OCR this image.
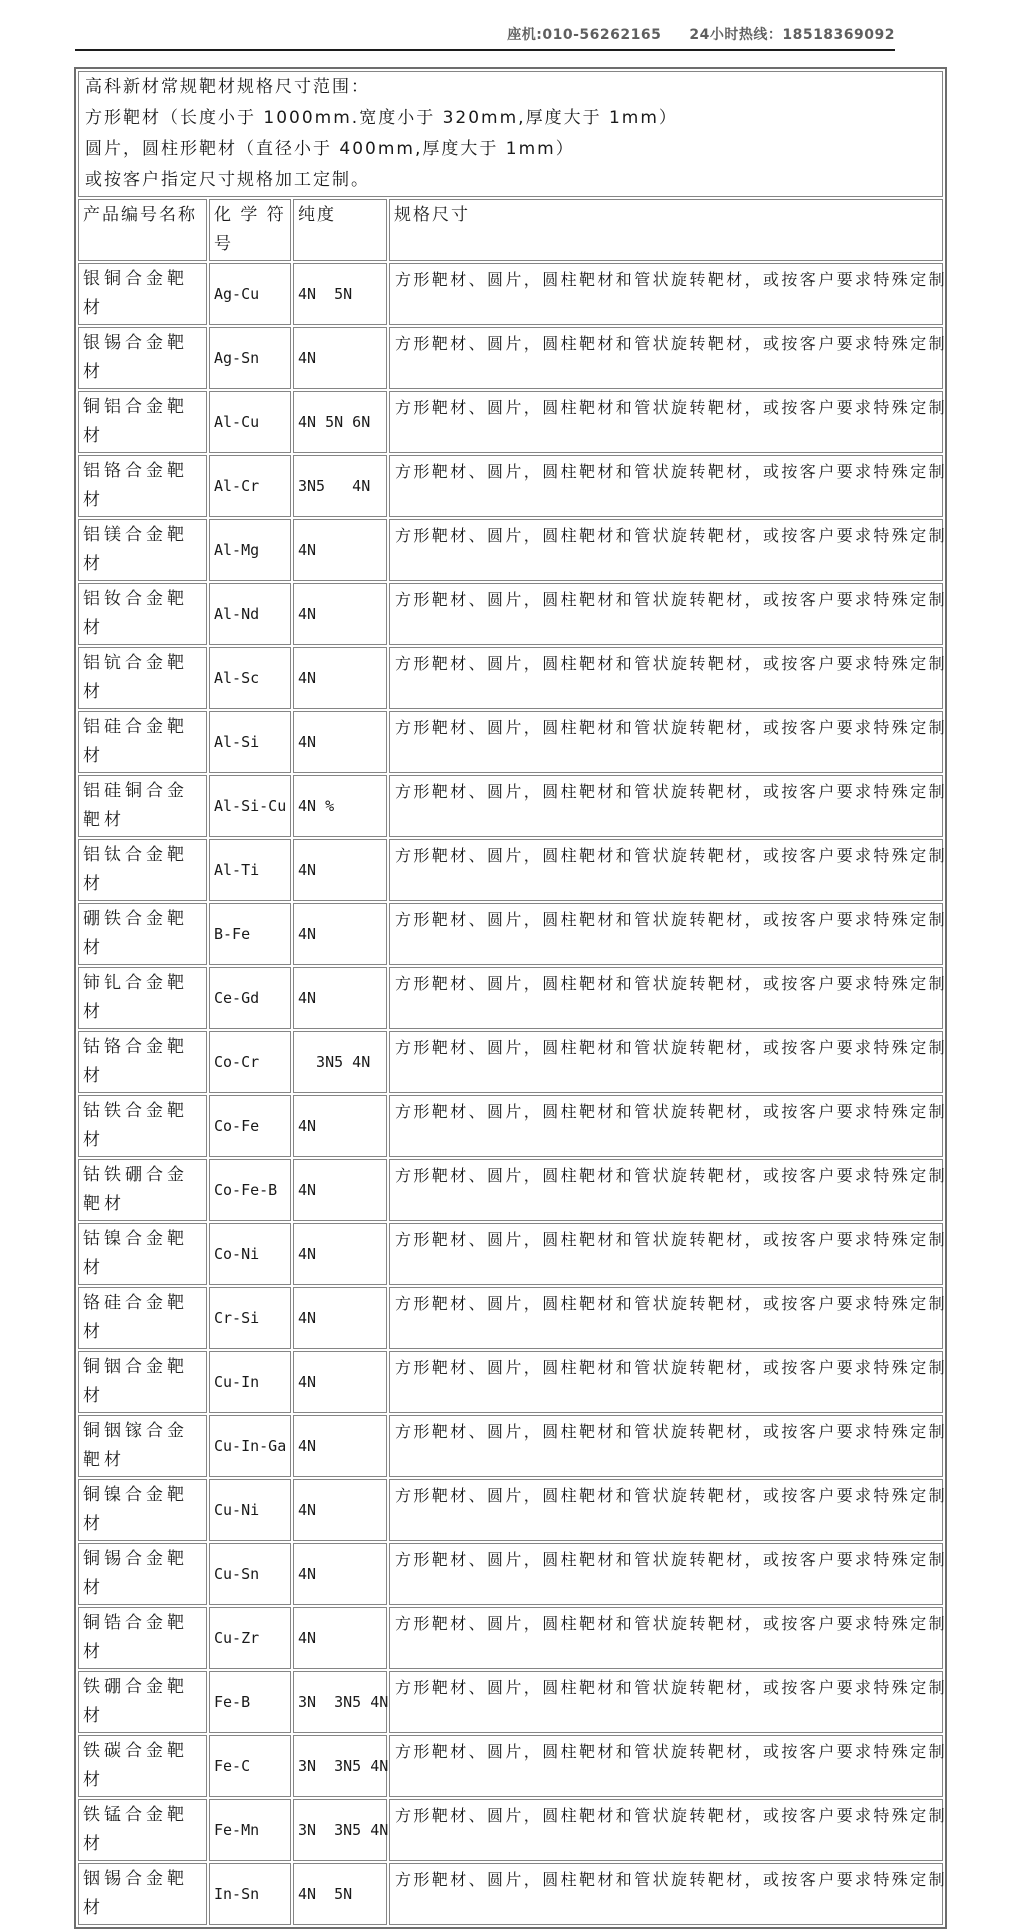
座机:010-56262165 24小时热线：18518369092
高科新材常规靶材规格尺寸范围：
方形靶材（长度小于 1000mm.宽度小于 320mm,厚度大于 1mm）
圆片，圆柱形靶材（直径小于 400mm,厚度大于 1mm）
或按客户指定尺寸规格加工定制。			

产品编号名称	化 学 符号	纯度	规格尺寸
银铜合金靶材	Ag-Cu	4N  5N	方形靶材、圆片，圆柱靶材和管状旋转靶材，或按客户要求特殊定制
银锡合金靶材	Ag-Sn	4N	方形靶材、圆片，圆柱靶材和管状旋转靶材，或按客户要求特殊定制
铜铝合金靶材	Al-Cu	4N 5N 6N	方形靶材、圆片，圆柱靶材和管状旋转靶材，或按客户要求特殊定制
铝铬合金靶材	Al-Cr	3N5   4N	方形靶材、圆片，圆柱靶材和管状旋转靶材，或按客户要求特殊定制
铝镁合金靶材	Al-Mg	4N	方形靶材、圆片，圆柱靶材和管状旋转靶材，或按客户要求特殊定制
铝钕合金靶材	Al-Nd	4N	方形靶材、圆片，圆柱靶材和管状旋转靶材，或按客户要求特殊定制
铝钪合金靶材	Al-Sc	4N	方形靶材、圆片，圆柱靶材和管状旋转靶材，或按客户要求特殊定制
铝硅合金靶材	Al-Si	4N	方形靶材、圆片，圆柱靶材和管状旋转靶材，或按客户要求特殊定制
铝硅铜合金靶材	Al-Si-Cu	4N %	方形靶材、圆片，圆柱靶材和管状旋转靶材，或按客户要求特殊定制
铝钛合金靶材	Al-Ti	4N	方形靶材、圆片，圆柱靶材和管状旋转靶材，或按客户要求特殊定制
硼铁合金靶材	B-Fe	4N	方形靶材、圆片，圆柱靶材和管状旋转靶材，或按客户要求特殊定制
铈钆合金靶材	Ce-Gd	4N	方形靶材、圆片，圆柱靶材和管状旋转靶材，或按客户要求特殊定制
钴铬合金靶材	Co-Cr	3N5 4N	方形靶材、圆片，圆柱靶材和管状旋转靶材，或按客户要求特殊定制
钴铁合金靶材	Co-Fe	4N	方形靶材、圆片，圆柱靶材和管状旋转靶材，或按客户要求特殊定制
钴铁硼合金靶材	Co-Fe-B	4N	方形靶材、圆片，圆柱靶材和管状旋转靶材，或按客户要求特殊定制
钴镍合金靶材	Co-Ni	4N	方形靶材、圆片，圆柱靶材和管状旋转靶材，或按客户要求特殊定制
铬硅合金靶材	Cr-Si	4N	方形靶材、圆片，圆柱靶材和管状旋转靶材，或按客户要求特殊定制
铜铟合金靶材	Cu-In	4N	方形靶材、圆片，圆柱靶材和管状旋转靶材，或按客户要求特殊定制
铜铟镓合金靶材	Cu-In-Ga	4N	方形靶材、圆片，圆柱靶材和管状旋转靶材，或按客户要求特殊定制
铜镍合金靶材	Cu-Ni	4N	方形靶材、圆片，圆柱靶材和管状旋转靶材，或按客户要求特殊定制
铜锡合金靶材	Cu-Sn	4N	方形靶材、圆片，圆柱靶材和管状旋转靶材，或按客户要求特殊定制
铜锆合金靶材	Cu-Zr	4N	方形靶材、圆片，圆柱靶材和管状旋转靶材，或按客户要求特殊定制
铁硼合金靶材	Fe-B	3N  3N5 4N	方形靶材、圆片，圆柱靶材和管状旋转靶材，或按客户要求特殊定制
铁碳合金靶材	Fe-C	3N  3N5 4N	方形靶材、圆片，圆柱靶材和管状旋转靶材，或按客户要求特殊定制
铁锰合金靶材	Fe-Mn	3N  3N5 4N	方形靶材、圆片，圆柱靶材和管状旋转靶材，或按客户要求特殊定制
铟锡合金靶材	In-Sn	4N  5N	方形靶材、圆片，圆柱靶材和管状旋转靶材，或按客户要求特殊定制
